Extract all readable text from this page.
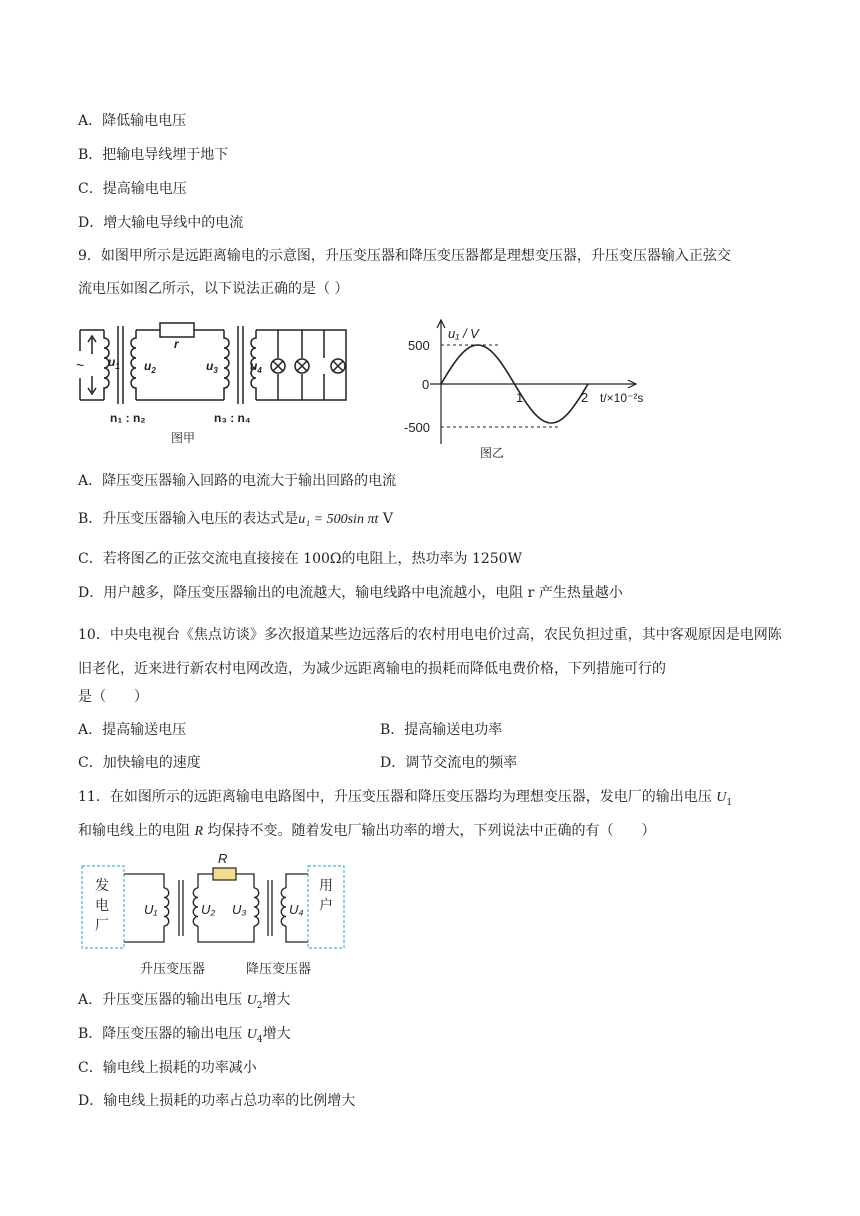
A．降低输电电压
B．把输电导线埋于地下
C．提高输电电压
D．增大输电导线中的电流
9．如图甲所示是远距离输电的示意图，升压变压器和降压变压器都是理想变压器，升压变压器输入正弦交
流电压如图乙所示，以下说法正确的是（ ）
~
r
$u_1$ $u_2$	$u_3$	$u_4$
n₁ : n₂	n₃ : n₄
图甲
u₁ / V
t/×10⁻²s
500
0
-500
1	2
图乙
A．降压变压器输入回路的电流大于输出回路的电流
B．升压变压器输入电压的表达式是u₁ = 500sin πt V
C．若将图乙的正弦交流电直接接在 100Ω的电阻上，热功率为 1250W
D．用户越多，降压变压器输出的电流越大，输电线路中电流越小，电阻 r 产生热量越小
10．中央电视台《焦点访谈》多次报道某些边远落后的农村用电电价过高，农民负担过重，其中客观原因是电网陈旧老化，近来进行新农村电网改造，为减少远距离输电的损耗而降低电费价格，下列措施可行的
是（　　）
A．提高输送电压	B．提高输送电功率
C．加快输电的速度	D．调节交流电的频率
11．在如图所示的远距离输电电路图中，升压变压器和降压变压器均为理想变压器，发电厂的输出电压 $U_1$
和输电线上的电阻 R 均保持不变。随着发电厂输出功率的增大，下列说法中正确的有（　　）
R
发电厂
用户
U₁	U₂ U₃	U₄
升压变压器	降压变压器
A．升压变压器的输出电压 $U_2$增大
B．降压变压器的输出电压 $U_4$增大
C．输电线上损耗的功率减小
D．输电线上损耗的功率占总功率的比例增大
